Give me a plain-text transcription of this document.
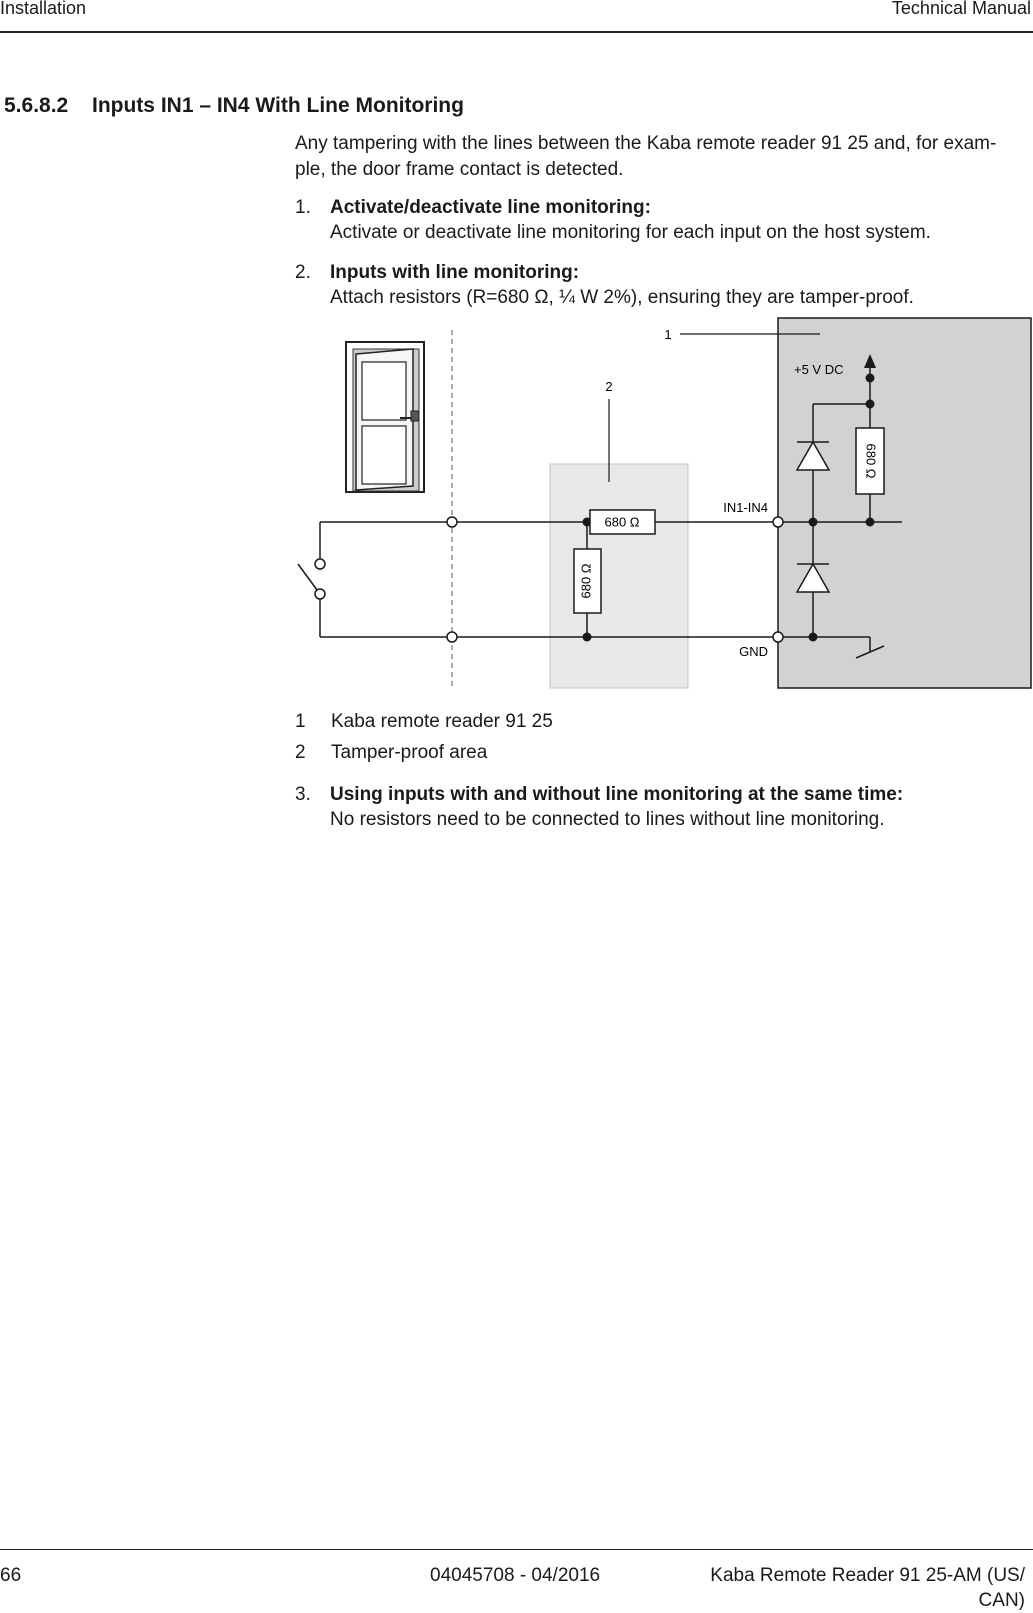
Installation	Technical Manual
5.6.8.2 Inputs IN1 – IN4 With Line Monitoring
Any tampering with the lines between the Kaba remote reader 91 25 and, for exam-ple, the door frame contact is detected.
1. Activate/deactivate line monitoring:
Activate or deactivate line monitoring for each input on the host system.
2. Inputs with line monitoring:
Attach resistors (R=680 Ω, ¼ W 2%), ensuring they are tamper-proof.
680 Ω
680 Ω
IN1-IN4
GND
680 Ω
+5 V DC
1
2
1 Kaba remote reader 91 25
2 Tamper-proof area
3. Using inputs with and without line monitoring at the same time:
No resistors need to be connected to lines without line monitoring.
66	04045708 - 04/2016	Kaba Remote Reader 91 25-AM (US/ CAN)
